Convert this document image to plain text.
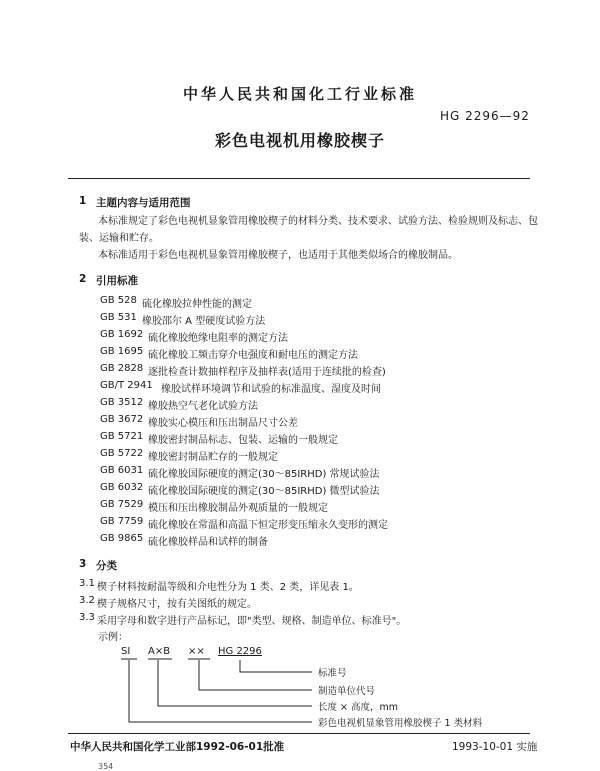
中华人民共和国化工行业标准
HG 2296—92
彩色电视机用橡胶楔子
1 主题内容与适用范围
本标准规定了彩色电视机显象管用橡胶楔子的材料分类、技术要求、试验方法、检验规则及标志、包
装、运输和贮存。
本标准适用于彩色电视机显象管用橡胶楔子，也适用于其他类似场合的橡胶制品。
2 引用标准
GB 528 硫化橡胶拉伸性能的测定
GB 531 橡胶邵尔 A 型硬度试验方法
GB 1692 硫化橡胶绝缘电阻率的测定方法
GB 1695 硫化橡胶工频击穿介电强度和耐电压的测定方法
GB 2828 逐批检查计数抽样程序及抽样表(适用于连续批的检查)
GB/T 2941 橡胶试样环境调节和试验的标准温度、湿度及时间
GB 3512 橡胶热空气老化试验方法
GB 3672 橡胶实心模压和压出制品尺寸公差
GB 5721 橡胶密封制品标志、包装、运输的一般规定
GB 5722 橡胶密封制品贮存的一般规定
GB 6031 硫化橡胶国际硬度的测定(30～85IRHD) 常规试验法
GB 6032 硫化橡胶国际硬度的测定(30～85IRHD) 微型试验法
GB 7529 模压和压出橡胶制品外观质量的一般规定
GB 7759 硫化橡胶在常温和高温下恒定形变压缩永久变形的测定
GB 9865 硫化橡胶样品和试样的制备
3 分类
3.1 楔子材料按耐温等级和介电性分为 1 类、2 类，详见表 1。
3.2 楔子规格尺寸，按有关图纸的规定。
3.3 采用字母和数字进行产品标记，即"类型、规格、制造单位、标准号"。
示例：
SI A×B ×× HG 2296
标准号
制造单位代号
长度 × 高度，mm
彩色电视机显象管用橡胶楔子 1 类材料
中华人民共和国化学工业部1992-06-01批准	1993-10-01 实施
354
